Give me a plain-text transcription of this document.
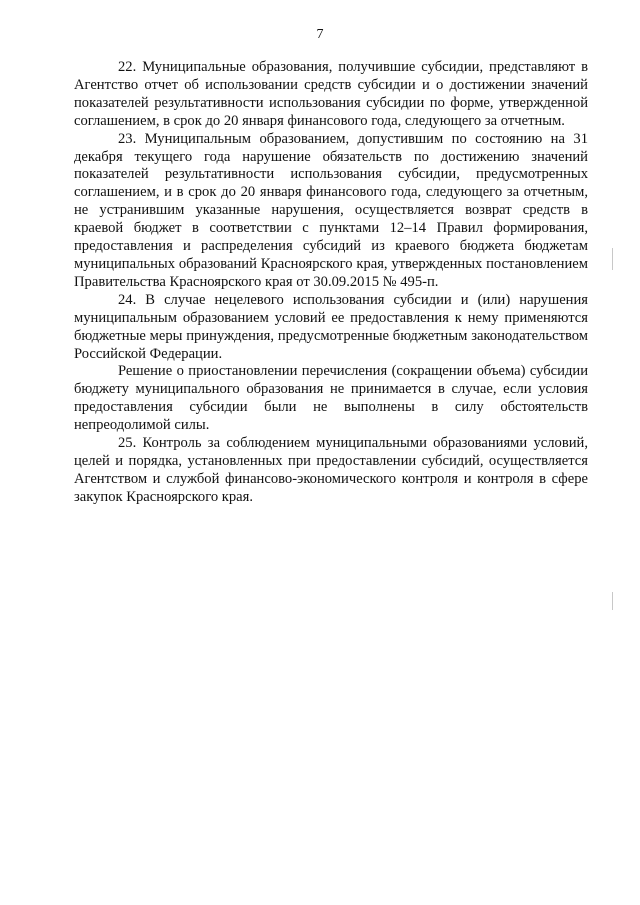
7

22. Муниципальные образования, получившие субсидии, представляют в Агентство отчет об использовании средств субсидии и о достижении значений показателей результативности использования субсидии по форме, утвержденной соглашением, в срок до 20 января финансового года, следующего за отчетным.

23. Муниципальным образованием, допустившим по состоянию на 31 декабря текущего года нарушение обязательств по достижению значений показателей результативности использования субсидии, предусмотренных соглашением, и в срок до 20 января финансового года, следующего за отчетным, не устранившим указанные нарушения, осуществляется возврат средств в краевой бюджет в соответствии с пунктами 12–14 Правил формирования, предоставления и распределения субсидий из краевого бюджета бюджетам муниципальных образований Красноярского края, утвержденных постановлением Правительства Красноярского края от 30.09.2015 № 495-п.

24. В случае нецелевого использования субсидии и (или) нарушения муниципальным образованием условий ее предоставления к нему применяются бюджетные меры принуждения, предусмотренные бюджетным законодательством Российской Федерации.

Решение о приостановлении перечисления (сокращении объема) субсидии бюджету муниципального образования не принимается в случае, если условия предоставления субсидии были не выполнены в силу обстоятельств непреодолимой силы.

25. Контроль за соблюдением муниципальными образованиями условий, целей и порядка, установленных при предоставлении субсидий, осуществляется Агентством и службой финансово-экономического контроля и контроля в сфере закупок Красноярского края.
